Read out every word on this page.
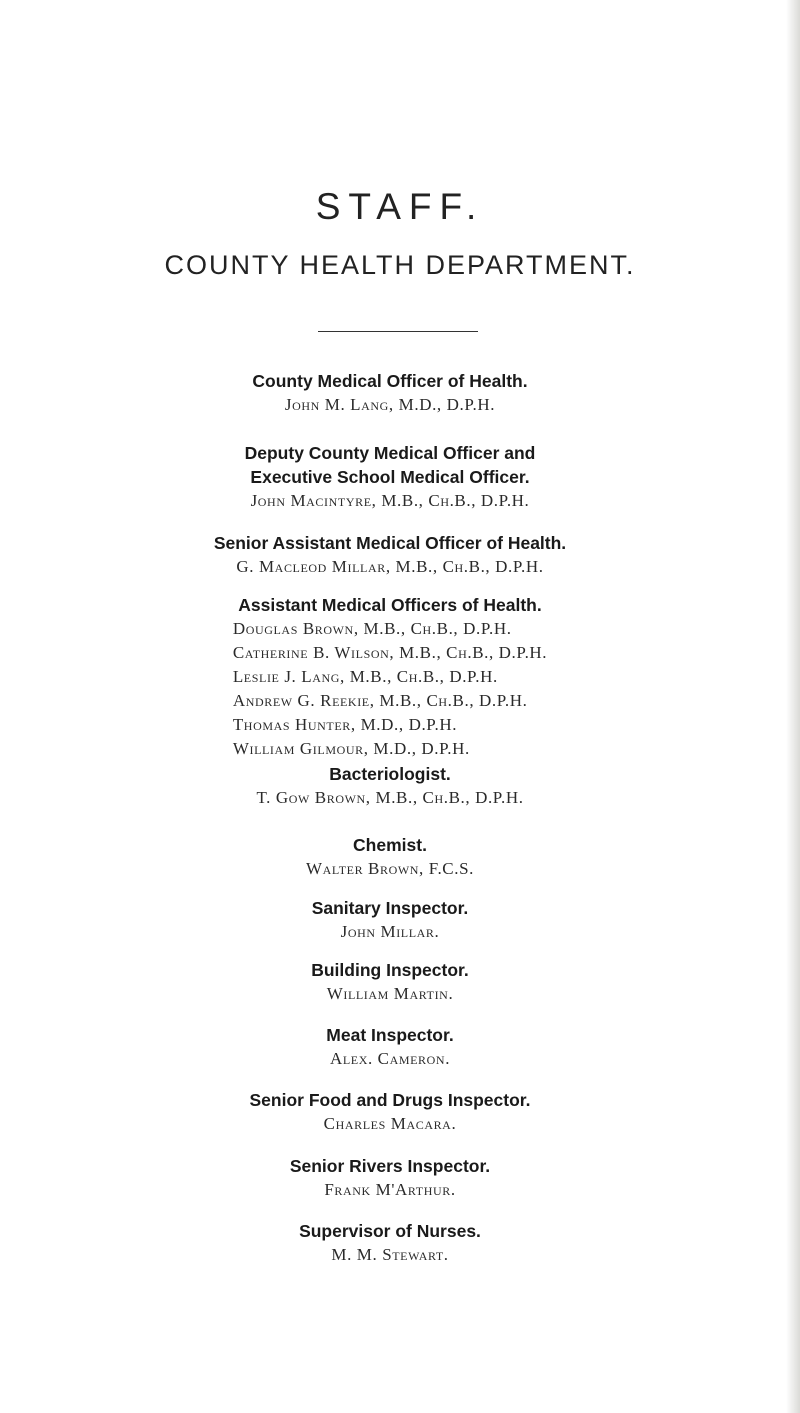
STAFF.
COUNTY HEALTH DEPARTMENT.
County Medical Officer of Health.
John M. Lang, M.D., D.P.H.
Deputy County Medical Officer and
Executive School Medical Officer.
John Macintyre, M.B., Ch.B., D.P.H.
Senior Assistant Medical Officer of Health.
G. Macleod Millar, M.B., Ch.B., D.P.H.
Assistant Medical Officers of Health.
Douglas Brown, M.B., Ch.B., D.P.H.
Catherine B. Wilson, M.B., Ch.B., D.P.H.
Leslie J. Lang, M.B., Ch.B., D.P.H.
Andrew G. Reekie, M.B., Ch.B., D.P.H.
Thomas Hunter, M.D., D.P.H.
William Gilmour, M.D., D.P.H.
Bacteriologist.
T. Gow Brown, M.B., Ch.B., D.P.H.
Chemist.
Walter Brown, F.C.S.
Sanitary Inspector.
John Millar.
Building Inspector.
William Martin.
Meat Inspector.
Alex. Cameron.
Senior Food and Drugs Inspector.
Charles Macara.
Senior Rivers Inspector.
Frank M'Arthur.
Supervisor of Nurses.
M. M. Stewart.
